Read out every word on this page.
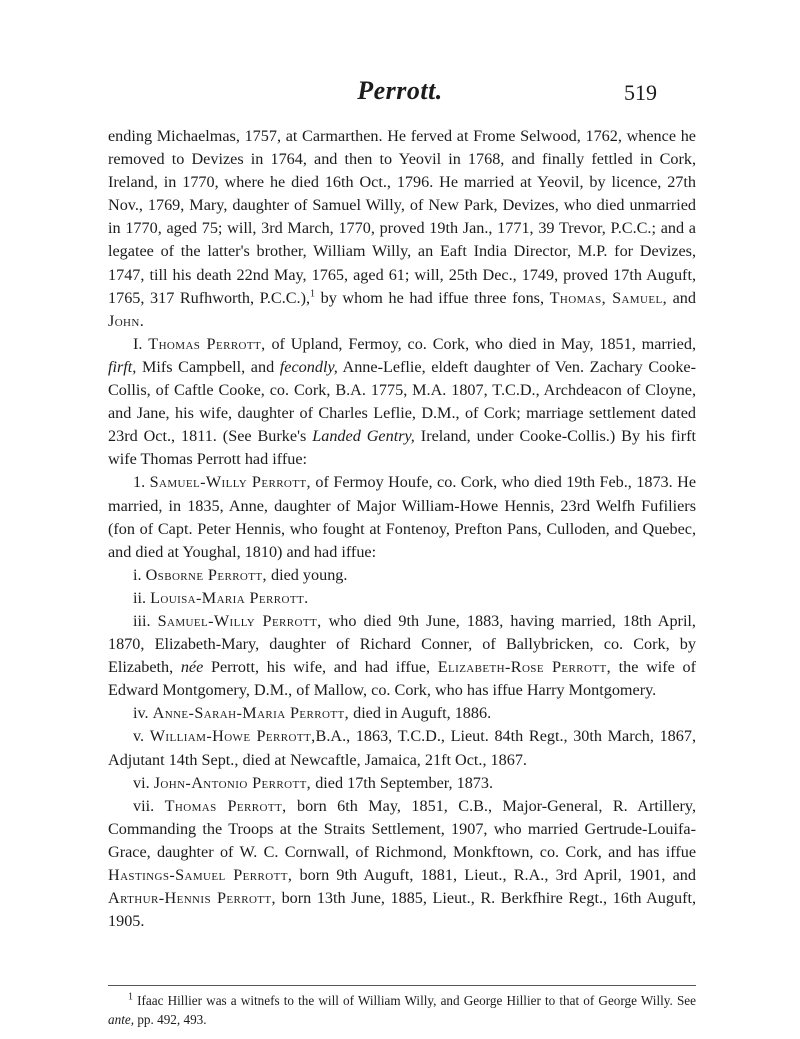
Perrott.	519

ending Michaelmas, 1757, at Carmarthen. He ferved at Frome Selwood, 1762, whence he removed to Devizes in 1764, and then to Yeovil in 1768, and finally fettled in Cork, Ireland, in 1770, where he died 16th Oct., 1796. He married at Yeovil, by licence, 27th Nov., 1769, Mary, daughter of Samuel Willy, of New Park, Devizes, who died unmarried in 1770, aged 75; will, 3rd March, 1770, proved 19th Jan., 1771, 39 Trevor, P.C.C.; and a legatee of the latter's brother, William Willy, an Eaft India Director, M.P. for Devizes, 1747, till his death 22nd May, 1765, aged 61; will, 25th Dec., 1749, proved 17th Auguft, 1765, 317 Rufhworth, P.C.C.),$^1$ by whom he had iffue three fons, Thomas, Samuel, and John.

I. Thomas Perrott, of Upland, Fermoy, co. Cork, who died in May, 1851, married, firft, Mifs Campbell, and fecondly, Anne-Leflie, eldeft daughter of Ven. Zachary Cooke-Collis, of Caftle Cooke, co. Cork, B.A. 1775, M.A. 1807, T.C.D., Archdeacon of Cloyne, and Jane, his wife, daughter of Charles Leflie, D.M., of Cork; marriage settlement dated 23rd Oct., 1811. (See Burke's Landed Gentry, Ireland, under Cooke-Collis.) By his firft wife Thomas Perrott had iffue:

1. Samuel-Willy Perrott, of Fermoy Houfe, co. Cork, who died 19th Feb., 1873. He married, in 1835, Anne, daughter of Major William-Howe Hennis, 23rd Welfh Fufiliers (fon of Capt. Peter Hennis, who fought at Fontenoy, Prefton Pans, Culloden, and Quebec, and died at Youghal, 1810) and had iffue:

i. Osborne Perrott, died young.

ii. Louisa-Maria Perrott.

iii. Samuel-Willy Perrott, who died 9th June, 1883, having married, 18th April, 1870, Elizabeth-Mary, daughter of Richard Conner, of Ballybricken, co. Cork, by Elizabeth, née Perrott, his wife, and had iffue, Elizabeth-Rose Perrott, the wife of Edward Montgomery, D.M., of Mallow, co. Cork, who has iffue Harry Montgomery.

iv. Anne-Sarah-Maria Perrott, died in Auguft, 1886.

v. William-Howe Perrott,B.A., 1863, T.C.D., Lieut. 84th Regt., 30th March, 1867, Adjutant 14th Sept., died at Newcaftle, Jamaica, 21ft Oct., 1867.

vi. John-Antonio Perrott, died 17th September, 1873.

vii. Thomas Perrott, born 6th May, 1851, C.B., Major-General, R. Artillery, Commanding the Troops at the Straits Settlement, 1907, who married Gertrude-Louifa-Grace, daughter of W. C. Cornwall, of Richmond, Monkftown, co. Cork, and has iffue Hastings-Samuel Perrott, born 9th Auguft, 1881, Lieut., R.A., 3rd April, 1901, and Arthur-Hennis Perrott, born 13th June, 1885, Lieut., R. Berkfhire Regt., 16th Auguft, 1905.

$^1$ Ifaac Hillier was a witnefs to the will of William Willy, and George Hillier to that of George Willy. See ante, pp. 492, 493.
